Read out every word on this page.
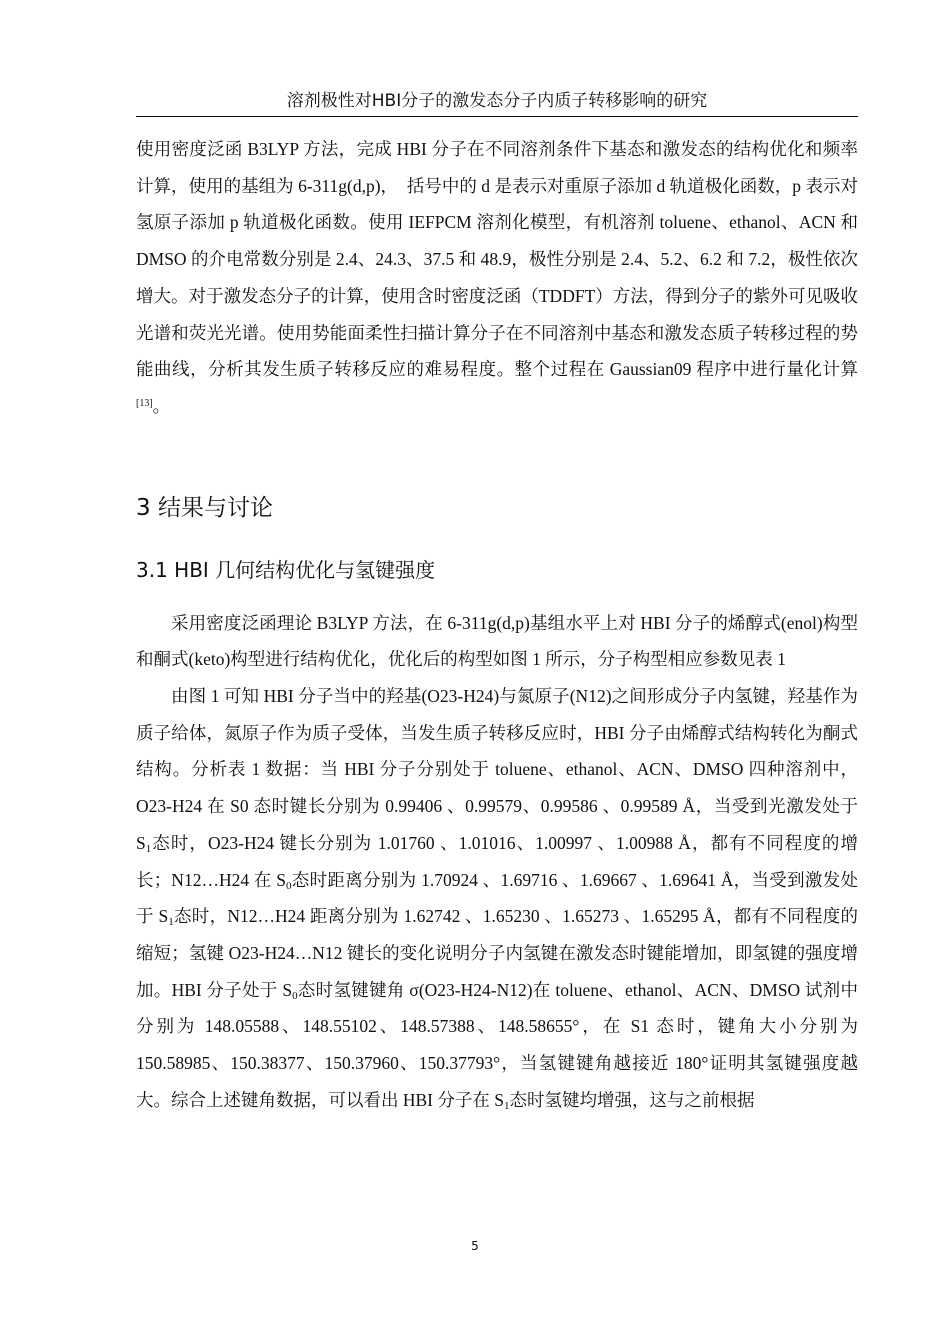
溶剂极性对HBI分子的激发态分子内质子转移影响的研究

使用密度泛函 B3LYP 方法，完成 HBI 分子在不同溶剂条件下基态和激发态的结构优化和频率计算，使用的基组为 6-311g(d,p)，　括号中的 d 是表示对重原子添加 d 轨道极化函数，p 表示对氢原子添加 p 轨道极化函数。使用 IEFPCM 溶剂化模型，有机溶剂 toluene、ethanol、ACN 和 DMSO 的介电常数分别是 2.4、24.3、37.5 和 48.9，极性分别是 2.4、5.2、6.2 和 7.2，极性依次增大。对于激发态分子的计算，使用含时密度泛函（TDDFT）方法，得到分子的紫外可见吸收光谱和荧光光谱。使用势能面柔性扫描计算分子在不同溶剂中基态和激发态质子转移过程的势能曲线，分析其发生质子转移反应的难易程度。整个过程在 Gaussian09 程序中进行量化计算[13]。

3 结果与讨论
3.1 HBI 几何结构优化与氢键强度

采用密度泛函理论 B3LYP 方法，在 6-311g(d,p)基组水平上对 HBI 分子的烯醇式(enol)构型和酮式(keto)构型进行结构优化，优化后的构型如图 1 所示，分子构型相应参数见表 1

由图 1 可知 HBI 分子当中的羟基(O23-H24)与氮原子(N12)之间形成分子内氢键，羟基作为质子给体，氮原子作为质子受体，当发生质子转移反应时，HBI 分子由烯醇式结构转化为酮式结构。分析表 1 数据：当 HBI 分子分别处于 toluene、ethanol、ACN、DMSO 四种溶剂中，O23-H24 在 S0 态时键长分别为 0.99406 、0.99579、0.99586 、0.99589 Å，当受到光激发处于 $S_1$态时，O23-H24 键长分别为 1.01760 、1.01016、1.00997 、1.00988 Å，都有不同程度的增长；N12…H24 在 $S_0$态时距离分别为 1.70924 、1.69716 、1.69667 、1.69641 Å，当受到激发处于 $S_1$态时，N12…H24 距离分别为 1.62742 、1.65230 、1.65273 、1.65295 Å，都有不同程度的缩短；氢键 O23-H24…N12 键长的变化说明分子内氢键在激发态时键能增加，即氢键的强度增加。HBI 分子处于 $S_0$态时氢键键角 σ(O23-H24-N12)在 toluene、ethanol、ACN、DMSO 试剂中分别为 148.05588、148.55102、148.57388、148.58655°，在 S1 态时，键角大小分别为 150.58985、150.38377、150.37960、150.37793°，当氢键键角越接近 180°证明其氢键强度越大。综合上述键角数据，可以看出 HBI 分子在 $S_1$态时氢键均增强，这与之前根据

5
